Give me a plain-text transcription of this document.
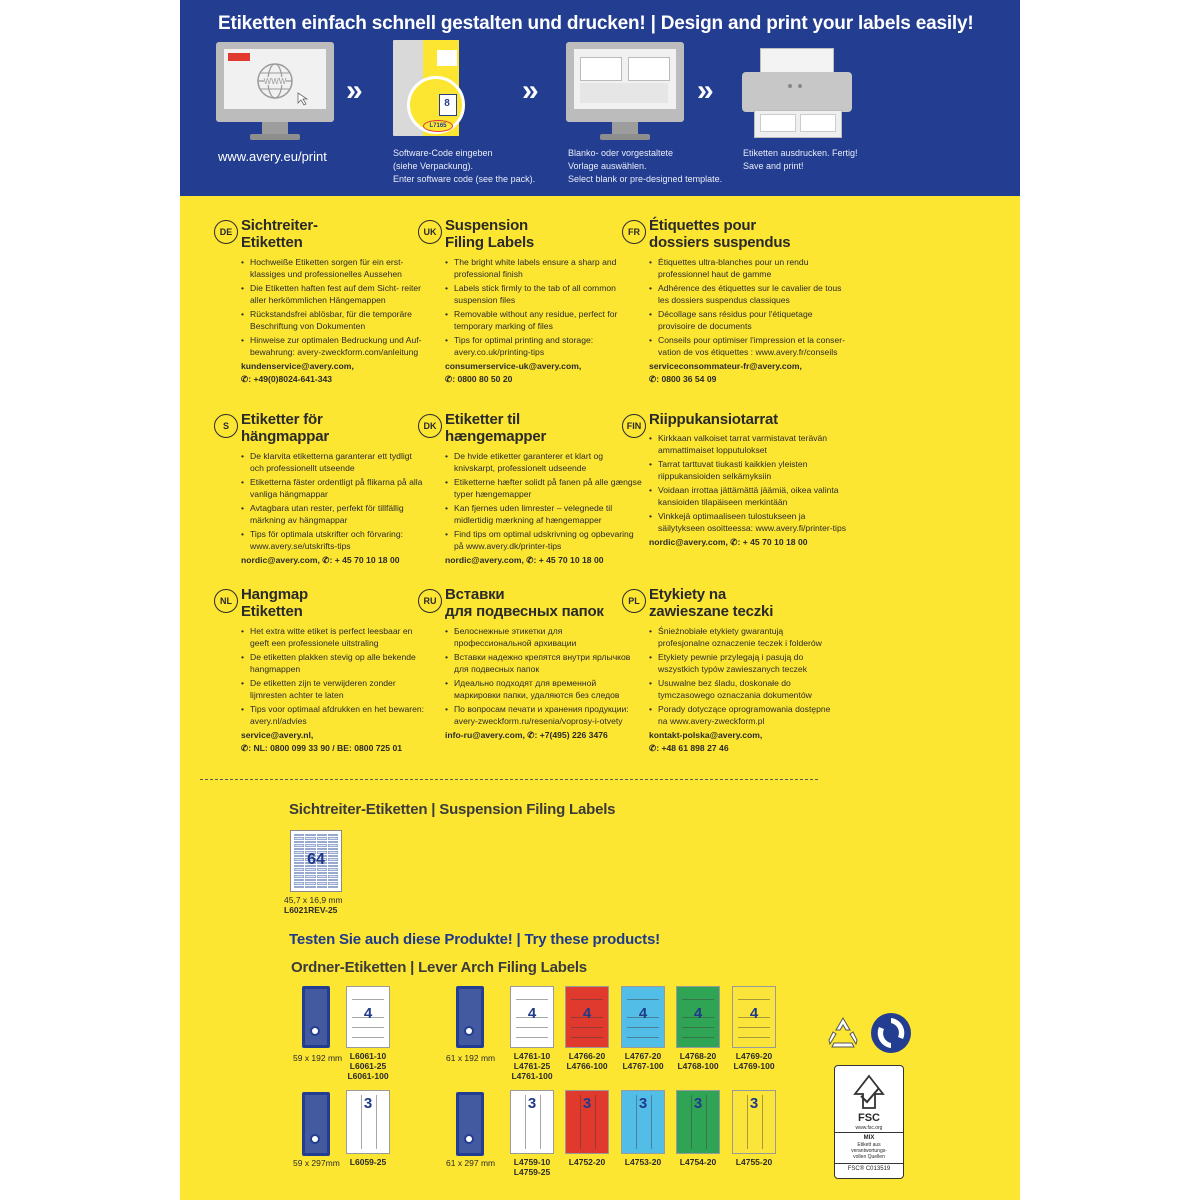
Etiketten einfach schnell gestalten und drucken! | Design and print your labels easily!
WWW
www.avery.eu/print
»	8
L7165
Software-Code eingeben
(siehe Verpackung).
Enter software code (see the pack).
»
Blanko- oder vorgestaltete
Vorlage auswählen.
Select blank or pre-designed template.
»
Etiketten ausdrucken. Fertig!
Save and print!
DE Sichtreiter-
Etiketten
• Hochweiße Etiketten sorgen für ein erst-
klassiges und professionelles Aussehen
• Die Etiketten haften fest auf dem Sicht- reiter
aller herkömmlichen Hängemappen
• Rückstandsfrei ablösbar, für die temporäre
Beschriftung von Dokumenten
• Hinweise zur optimalen Bedruckung und Auf-
bewahrung: avery-zweckform.com/anleitung
kundenservice@avery.com,
✆: +49(0)8024-641-343
UK Suspension
Filing Labels
• The bright white labels ensure a sharp and
professional finish
• Labels stick firmly to the tab of all common
suspension files
• Removable without any residue, perfect for
temporary marking of files
• Tips for optimal printing and storage:
avery.co.uk/printing-tips
consumerservice-uk@avery.com,
✆: 0800 80 50 20
FR Étiquettes pour
dossiers suspendus
• Étiquettes ultra-blanches pour un rendu
professionnel haut de gamme
• Adhérence des étiquettes sur le cavalier de tous
les dossiers suspendus classiques
• Décollage sans résidus pour l'étiquetage
provisoire de documents
• Conseils pour optimiser l'impression et la conser-
vation de vos étiquettes : www.avery.fr/conseils
serviceconsommateur-fr@avery.com,
✆: 0800 36 54 09
S Etiketter för
hängmappar
• De klarvita etiketterna garanterar ett tydligt
och professionellt utseende
• Etiketterna fäster ordentligt på flikarna på alla
vanliga hängmappar
• Avtagbara utan rester, perfekt för tillfällig
märkning av hängmappar
• Tips för optimala utskrifter och förvaring:
www.avery.se/utskrifts-tips
nordic@avery.com, ✆: + 45 70 10 18 00
DK Etiketter til
hængemapper
• De hvide etiketter garanterer et klart og
knivskarpt, professionelt udseende
• Etiketterne hæfter solidt på fanen på alle gængse
typer hængemapper
• Kan fjernes uden limrester – velegnede til
midlertidig mærkning af hængemapper
• Find tips om optimal udskrivning og opbevaring
på www.avery.dk/printer-tips
nordic@avery.com, ✆: + 45 70 10 18 00
FIN Riippukansiotarrat
• Kirkkaan valkoiset tarrat varmistavat terävän
ammattimaiset lopputulokset
• Tarrat tarttuvat tiukasti kaikkien yleisten
riippukansioiden selkämyksiin
• Voidaan irrottaa jättämättä jäämiä, oikea valinta
kansioiden tilapäiseen merkintään
• Vinkkejä optimaaliseen tulostukseen ja
säilytykseen osoitteessa: www.avery.fi/printer-tips
nordic@avery.com, ✆: + 45 70 10 18 00
NL Hangmap
Etiketten
• Het extra witte etiket is perfect leesbaar en
geeft een professionele uitstraling
• De etiketten plakken stevig op alle bekende
hangmappen
• De etiketten zijn te verwijderen zonder
lijmresten achter te laten
• Tips voor optimaal afdrukken en het bewaren:
avery.nl/advies
service@avery.nl,
✆: NL: 0800 099 33 90 / BE: 0800 725 01
RU Вставки
для подвесных папок
• Белоснежные этикетки для
профессиональной архивации
• Вставки надежно крепятся внутри ярлычков
для подвесных папок
• Идеально подходят для временной
маркировки папки, удаляются без следов
• По вопросам печати и хранения продукции:
avery-zweckform.ru/resenia/voprosy-i-otvety
info-ru@avery.com, ✆: +7(495) 226 3476
PL Etykiety na
zawieszane teczki
• Śnieżnobiałe etykiety gwarantują
profesjonalne oznaczenie teczek i folderów
• Etykiety pewnie przylegają i pasują do
wszystkich typów zawieszanych teczek
• Usuwalne bez śladu, doskonałe do
tymczasowego oznaczania dokumentów
• Porady dotyczące oprogramowania dostępne
na www.avery-zweckform.pl
kontakt-polska@avery.com,
✆: +48 61 898 27 46
Sichtreiter-Etiketten | Suspension Filing Labels
64
45,7 x 16,9 mm
L6021REV-25
Testen Sie auch diese Produkte! | Try these products!
Ordner-Etiketten | Lever Arch Filing Labels
4
L6061-10
L6061-25
L6061-100
4
L4761-10
L4761-25
L4761-100
4
L4766-20
L4766-100
4
L4767-20
L4767-100
4
L4768-20
L4768-100
4
L4769-20
L4769-100
3
L6059-25
3
L4759-10
L4759-25
3
L4752-20
3
L4753-20
3
L4754-20
3
L4755-20
59 x 192 mm	61 x 192 mm
59 x 297mm	61 x 297 mm
FSC
www.fsc.org
MIX
Etikett aus
verantwortungs-
vollen Quellen
FSC® C013519
